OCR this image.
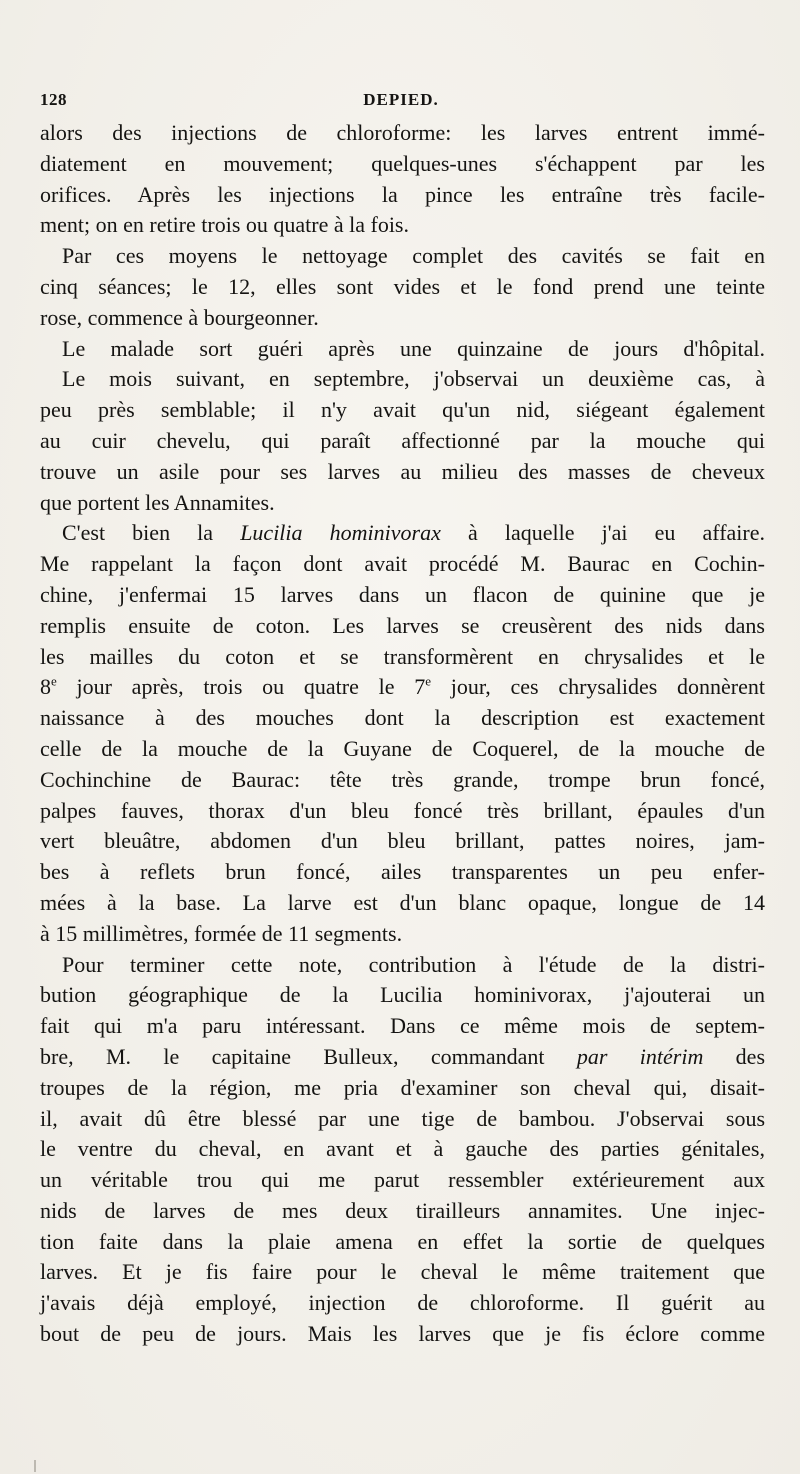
128	DEPIED.
alors des injections de chloroforme: les larves entrent immé-
diatement en mouvement; quelques-unes s'échappent par les
orifices. Après les injections la pince les entraîne très facile-
ment; on en retire trois ou quatre à la fois.
Par ces moyens le nettoyage complet des cavités se fait en
cinq séances; le 12, elles sont vides et le fond prend une teinte
rose, commence à bourgeonner.
Le malade sort guéri après une quinzaine de jours d'hôpital.
Le mois suivant, en septembre, j'observai un deuxième cas, à
peu près semblable; il n'y avait qu'un nid, siégeant également
au cuir chevelu, qui paraît affectionné par la mouche qui
trouve un asile pour ses larves au milieu des masses de cheveux
que portent les Annamites.
C'est bien la Lucilia hominivorax à laquelle j'ai eu affaire.
Me rappelant la façon dont avait procédé M. Baurac en Cochin-
chine, j'enfermai 15 larves dans un flacon de quinine que je
remplis ensuite de coton. Les larves se creusèrent des nids dans
les mailles du coton et se transformèrent en chrysalides et le
8e jour après, trois ou quatre le 7e jour, ces chrysalides donnèrent
naissance à des mouches dont la description est exactement
celle de la mouche de la Guyane de Coquerel, de la mouche de
Cochinchine de Baurac: tête très grande, trompe brun foncé,
palpes fauves, thorax d'un bleu foncé très brillant, épaules d'un
vert bleuâtre, abdomen d'un bleu brillant, pattes noires, jam-
bes à reflets brun foncé, ailes transparentes un peu enfer-
mées à la base. La larve est d'un blanc opaque, longue de 14
à 15 millimètres, formée de 11 segments.
Pour terminer cette note, contribution à l'étude de la distri-
bution géographique de la Lucilia hominivorax, j'ajouterai un
fait qui m'a paru intéressant. Dans ce même mois de septem-
bre, M. le capitaine Bulleux, commandant par intérim des
troupes de la région, me pria d'examiner son cheval qui, disait-
il, avait dû être blessé par une tige de bambou. J'observai sous
le ventre du cheval, en avant et à gauche des parties génitales,
un véritable trou qui me parut ressembler extérieurement aux
nids de larves de mes deux tirailleurs annamites. Une injec-
tion faite dans la plaie amena en effet la sortie de quelques
larves. Et je fis faire pour le cheval le même traitement que
j'avais déjà employé, injection de chloroforme. Il guérit au
bout de peu de jours. Mais les larves que je fis éclore comme
